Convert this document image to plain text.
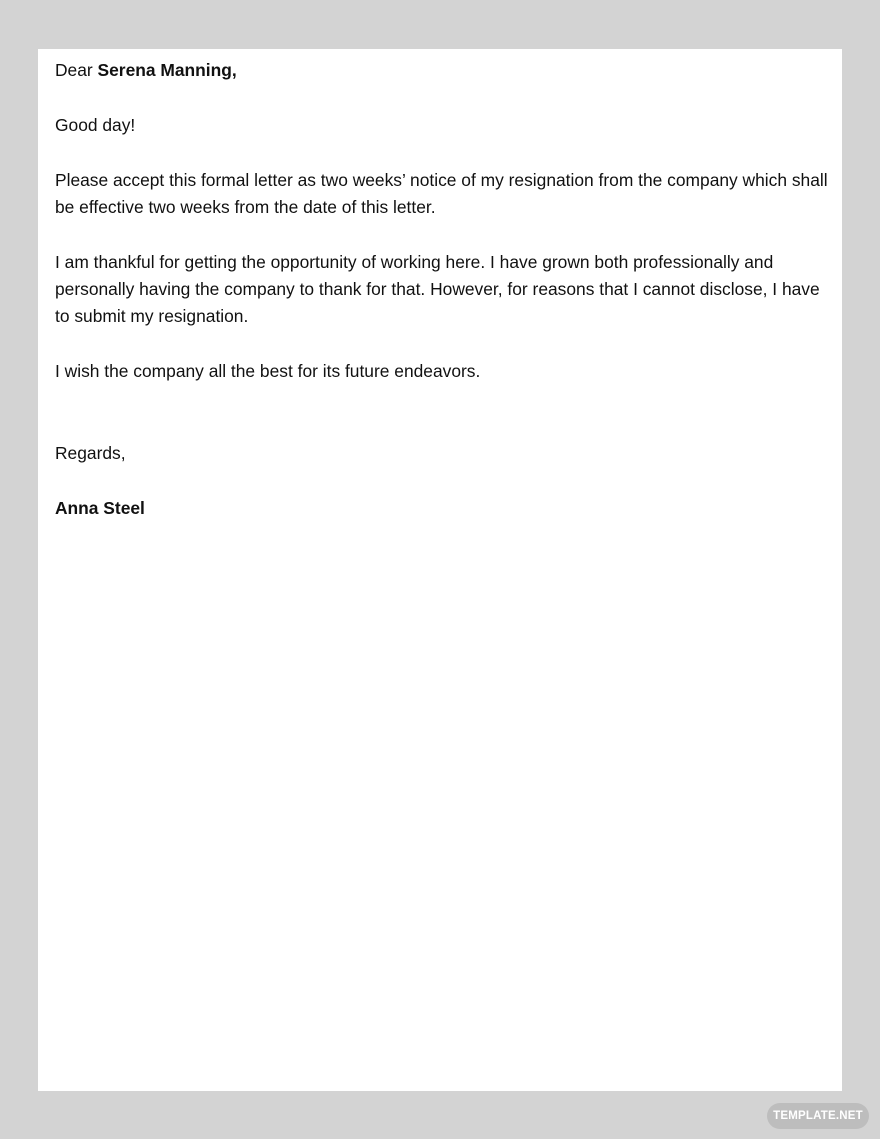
Dear Serena Manning,

Good day!

Please accept this formal letter as two weeks’ notice of my resignation from the company which shall be effective two weeks from the date of this letter.

I am thankful for getting the opportunity of working here. I have grown both professionally and personally having the company to thank for that. However, for reasons that I cannot disclose, I have to submit my resignation.

I wish the company all the best for its future endeavors.

Regards,

Anna Steel

TEMPLATE.NET
